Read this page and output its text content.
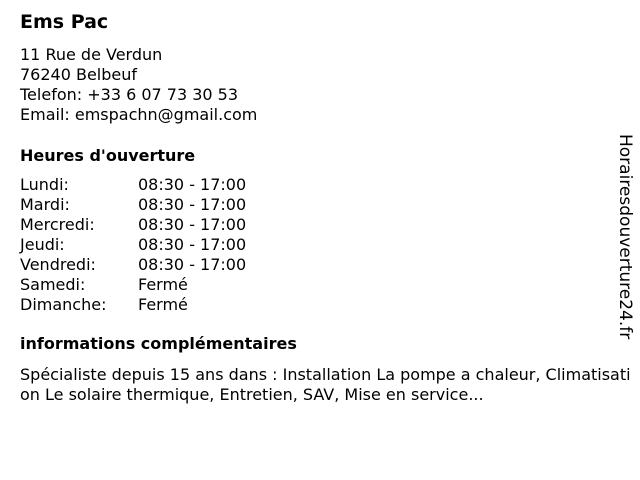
Ems Pac
11 Rue de Verdun
76240 Belbeuf
Telefon: +33 6 07 73 30 53
Email: emspachn@gmail.com
Heures d'ouverture
Lundi:	08:30 - 17:00
Mardi:	08:30 - 17:00
Mercredi:	08:30 - 17:00
Jeudi:	08:30 - 17:00
Vendredi:	08:30 - 17:00
Samedi:	Fermé
Dimanche:	Fermé
informations complémentaires
Spécialiste depuis 15 ans dans : Installation La pompe a chaleur, Climatisation Le solaire thermique, Entretien, SAV, Mise en service...
Horairesdouverture24.fr
